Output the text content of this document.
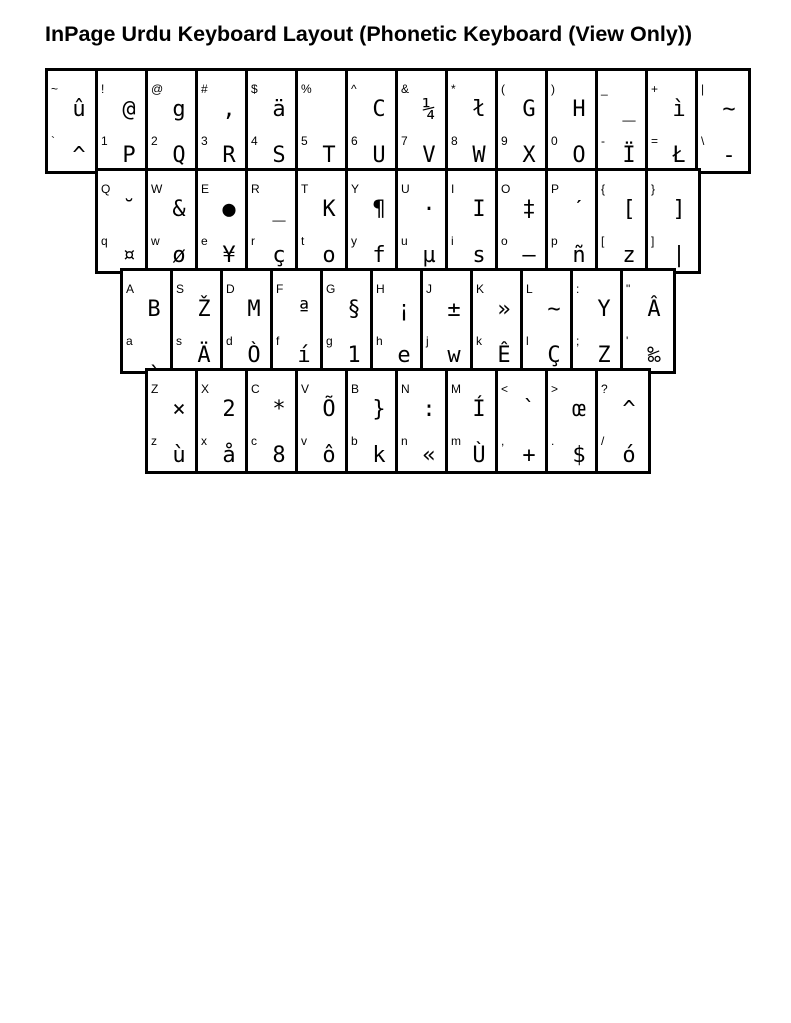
InPage Urdu Keyboard Layout (Phonetic Keyboard (View Only))
~
`
û
^
!
1
@
P
@
2
g
Q
#
3
,
R
$
4
ä
S
%
5
T
^
6
C
U
&
7
¼
V
*
8
ł
W
(
9
G
X
)
0
H
O
_
-
_
Ï
+
=
ì
Ł
|
\
~
-
Q
q
˘
¤
W
w
&
ø
E
e
●
¥
R
r
_
ç
T
t
K
o
Y
y
¶
f
U
u
·
µ
I
i
I
s
O
o
‡
–
P
p
ˊ
ñ
{
[
[
z
}
]
]
|
A
a
B
ˎ
S
s
Ž
Ä
D
d
M
Ò
F
f
ª
í
G
g
§
1
H
h
¡
e
J
j
±
w
K
k
»
Ê
L
l
~
Ç
:
;
Y
Z
"
'
Â
‰
Z
z
×
ù
X
x
2
å
C
c
*
8
V
v
Õ
ô
B
b
}
k
N
n
:
«
M
m
Í
Ù
<
,
`
+
>
.
œ
$
?
/
^
ó
